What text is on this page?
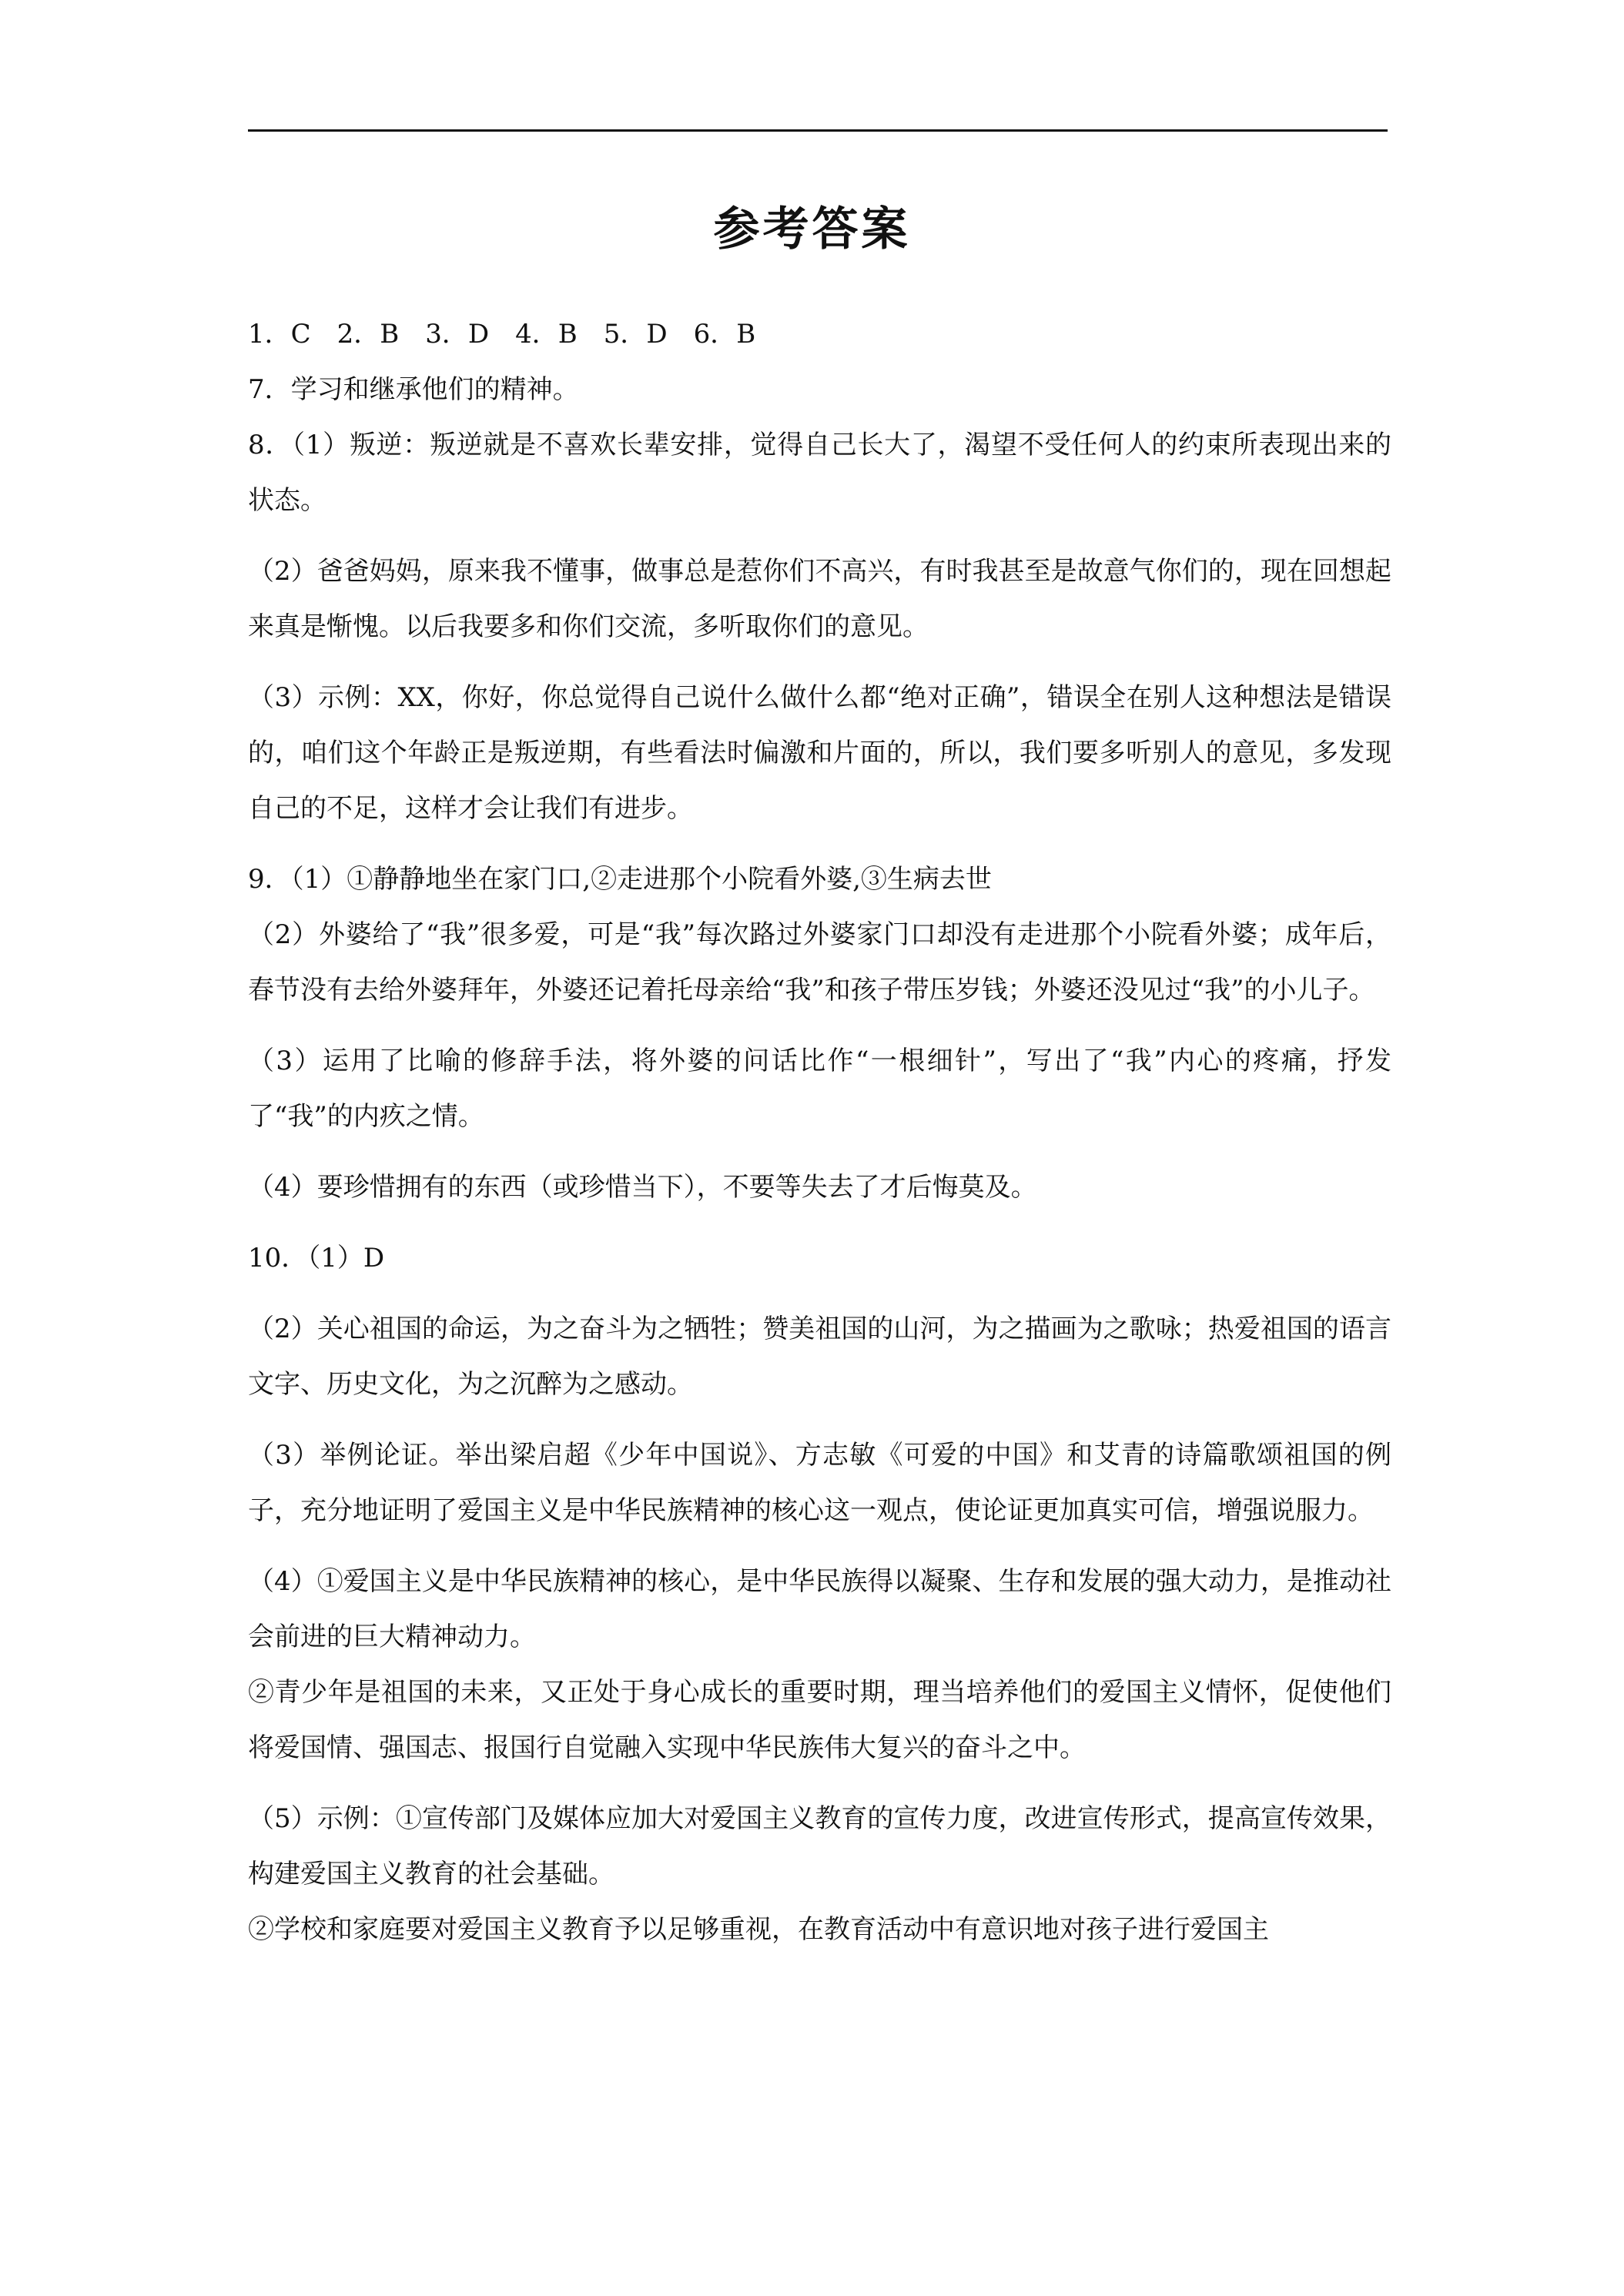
参考答案

1．C　2．B　3．D　4．B　5．D　6．B

7．学习和继承他们的精神。

8．（1）叛逆：叛逆就是不喜欢长辈安排，觉得自己长大了，渴望不受任何人的约束所表现出来的状态。

（2）爸爸妈妈，原来我不懂事，做事总是惹你们不高兴，有时我甚至是故意气你们的，现在回想起来真是惭愧。以后我要多和你们交流，多听取你们的意见。

（3）示例：XX，你好，你总觉得自己说什么做什么都“绝对正确”，错误全在别人这种想法是错误的，咱们这个年龄正是叛逆期，有些看法时偏激和片面的，所以，我们要多听别人的意见，多发现自己的不足，这样才会让我们有进步。

9．（1）①静静地坐在家门口,②走进那个小院看外婆,③生病去世

（2）外婆给了“我”很多爱，可是“我”每次路过外婆家门口却没有走进那个小院看外婆；成年后，春节没有去给外婆拜年，外婆还记着托母亲给“我”和孩子带压岁钱；外婆还没见过“我”的小儿子。

（3）运用了比喻的修辞手法，将外婆的问话比作“一根细针”，写出了“我”内心的疼痛，抒发了“我”的内疚之情。

（4）要珍惜拥有的东西（或珍惜当下），不要等失去了才后悔莫及。

10．（1）D

（2）关心祖国的命运，为之奋斗为之牺牲；赞美祖国的山河，为之描画为之歌咏；热爱祖国的语言文字、历史文化，为之沉醉为之感动。

（3）举例论证。举出梁启超《少年中国说》、方志敏《可爱的中国》和艾青的诗篇歌颂祖国的例子，充分地证明了爱国主义是中华民族精神的核心这一观点，使论证更加真实可信，增强说服力。

（4）①爱国主义是中华民族精神的核心，是中华民族得以凝聚、生存和发展的强大动力，是推动社会前进的巨大精神动力。

②青少年是祖国的未来，又正处于身心成长的重要时期，理当培养他们的爱国主义情怀，促使他们将爱国情、强国志、报国行自觉融入实现中华民族伟大复兴的奋斗之中。

（5）示例：①宣传部门及媒体应加大对爱国主义教育的宣传力度，改进宣传形式，提高宣传效果，构建爱国主义教育的社会基础。

②学校和家庭要对爱国主义教育予以足够重视，在教育活动中有意识地对孩子进行爱国主
